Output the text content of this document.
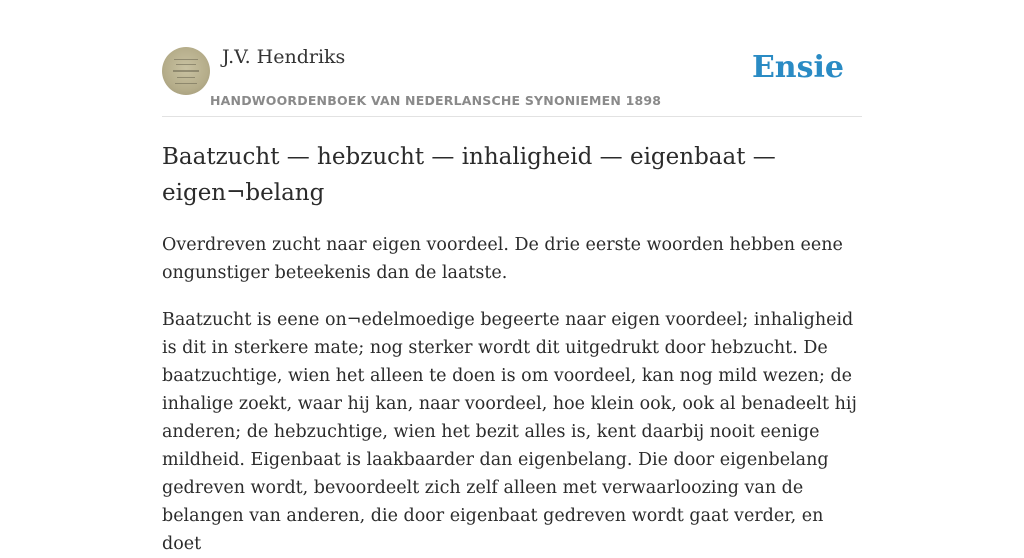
J.V. Hendriks
HANDWOORDENBOEK VAN NEDERLANSCHE SYNONIEMEN 1898
Ensie
Baatzucht — hebzucht — inhaligheid — eigenbaat — eigen¬belang

Overdreven zucht naar eigen voordeel. De drie eerste woorden hebben eene ongunstiger beteekenis dan de laatste.

Baatzucht is eene on¬edelmoedige begeerte naar eigen voordeel; inhaligheid is dit in sterkere mate; nog sterker wordt dit uitgedrukt door hebzucht. De baatzuchtige, wien het alleen te doen is om voordeel, kan nog mild wezen; de inhalige zoekt, waar hij kan, naar voordeel, hoe klein ook, ook al benadeelt hij anderen; de hebzuchtige, wien het bezit alles is, kent daarbij nooit eenige mildheid. Eigenbaat is laakbaarder dan eigenbelang. Die door eigenbelang gedreven wordt, bevoordeelt zich zelf alleen met verwaarloozing van de belangen van anderen, die door eigenbaat gedreven wordt gaat verder, en doet
